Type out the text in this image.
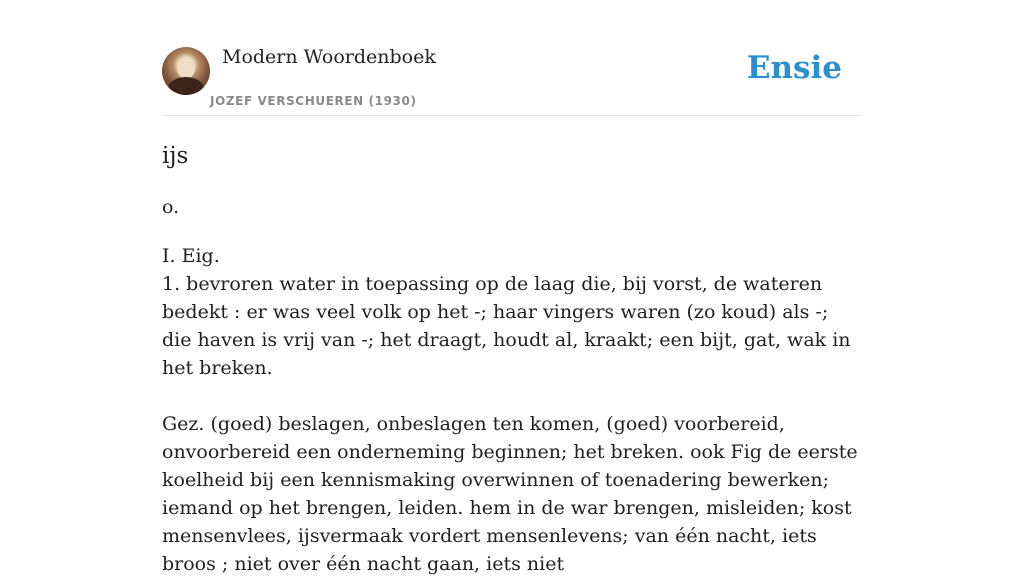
Modern Woordenboek
JOZEF VERSCHUEREN (1930)
Ensie
ijs
o.

I. Eig.

1. bevroren water in toepassing op de laag die, bij vorst, de wateren bedekt : er was veel volk op het -; haar vingers waren (zo koud) als -; die haven is vrij van -; het draagt, houdt al, kraakt; een bijt, gat, wak in het breken.

Gez. (goed) beslagen, onbeslagen ten komen, (goed) voorbereid, onvoorbereid een onderneming beginnen; het breken. ook Fig de eerste koelheid bij een kennismaking overwinnen of toenadering bewerken; iemand op het brengen, leiden. hem in de war brengen, misleiden; kost mensenvlees, ijsvermaak vordert mensenlevens; van één nacht, iets broos ; niet over één nacht gaan, iets niet
